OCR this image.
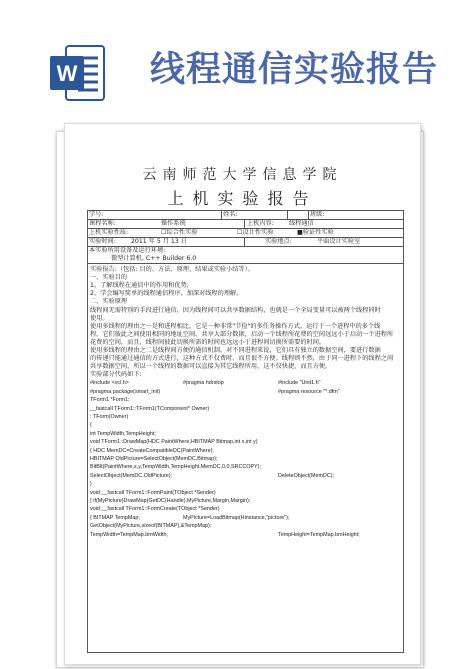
W 线程通信实验报告
云南师范大学信息学院
上机实验报告
学号:	姓名:	班级:
课程名称:	操作系统	上机内容: 线程通信
上机实验性质:	☐综合性实验	☐设计性实验	■验证性实验
实验时间: 2011 年 5 月 13 日	实验地点:	平面设计实验室
本实验所用设备及运行环境:
微型计算机, C++ Builder 6.0
实验报告:（包括: 目的、方法、原理、结果或实验小结等）。
一、实验目的
1、了解线程在通信中的作用和优势;
2、学会编写简单的线程通信程序，加深对线程的理解。
二、实验原理
线程间无需特别的手段进行通信，因为线程间可以共享数据结构，也就是一个全局变量可以被两个线程同时
使用。
使用多线程的理由之一是和进程相比，它是一种非常"节俭"的多任务操作方式。运行于一个进程中的多个线
程，它们彼此之间使用相同的地址空间，共享大部分数据，启动一个线程所花费的空间远远小于启动一个进程所
花费的空间，而且，线程间彼此切换所需的时间也远远小于进程间切换所需要的时间。
使用多线程的理由之二是线程间方便的通信机制。对不同进程来说，它们具有独立的数据空间，要进行数据
的传递只能通过通信的方式进行，这种方式不仅费时，而且很不方便。线程则不然，由于同一进程下的线程之间
共享数据空间，所以一个线程的数据可以直接为其它线程所用，这不仅快捷，而且方便。
实验部分代码如下:
#include <vcl.h>	#pragma hdrstop	#include "Unit1.h"
#pragma package(smart_init)	#pragma resource "*.dfm"
TForm1 *Form1;
__fastcall TForm1::TForm1(TComponent* Owner)
: TForm(Owner)
{
int TempWidth,TempHeight;
void TForm1::DrawMap(HDC PaintWhere,HBITMAP Bitmap,int x,int y)
{ HDC MemDC=CreateCompatibleDC(PaintWhere);
HBITMAP OldPicture=SelectObject(MemDC,Bitmap);
BitBlt(PaintWhere,x,y,TempWidth,TempHeight,MemDC,0,0,SRCCOPY);
SelectObject(MemDC,OldPicture);	DeleteObject(MemDC);
}
void __fastcall TForm1::FormPaint(TObject *Sender)
{ if(MyPicture)DrawMap(GetDC(Handle),MyPicture,Margin,Margin);
void __fastcall TForm1::FormCreate(TObject *Sender)
{ BITMAP TempMap;	MyPicture=LoadBitmap(Hinstance,"picture");
GetObject(MyPicture,sizeof(BITMAP),&TempMap);
TempWidth=TempMap.bmWidth;	TempHeight=TempMap.bmHeight;
